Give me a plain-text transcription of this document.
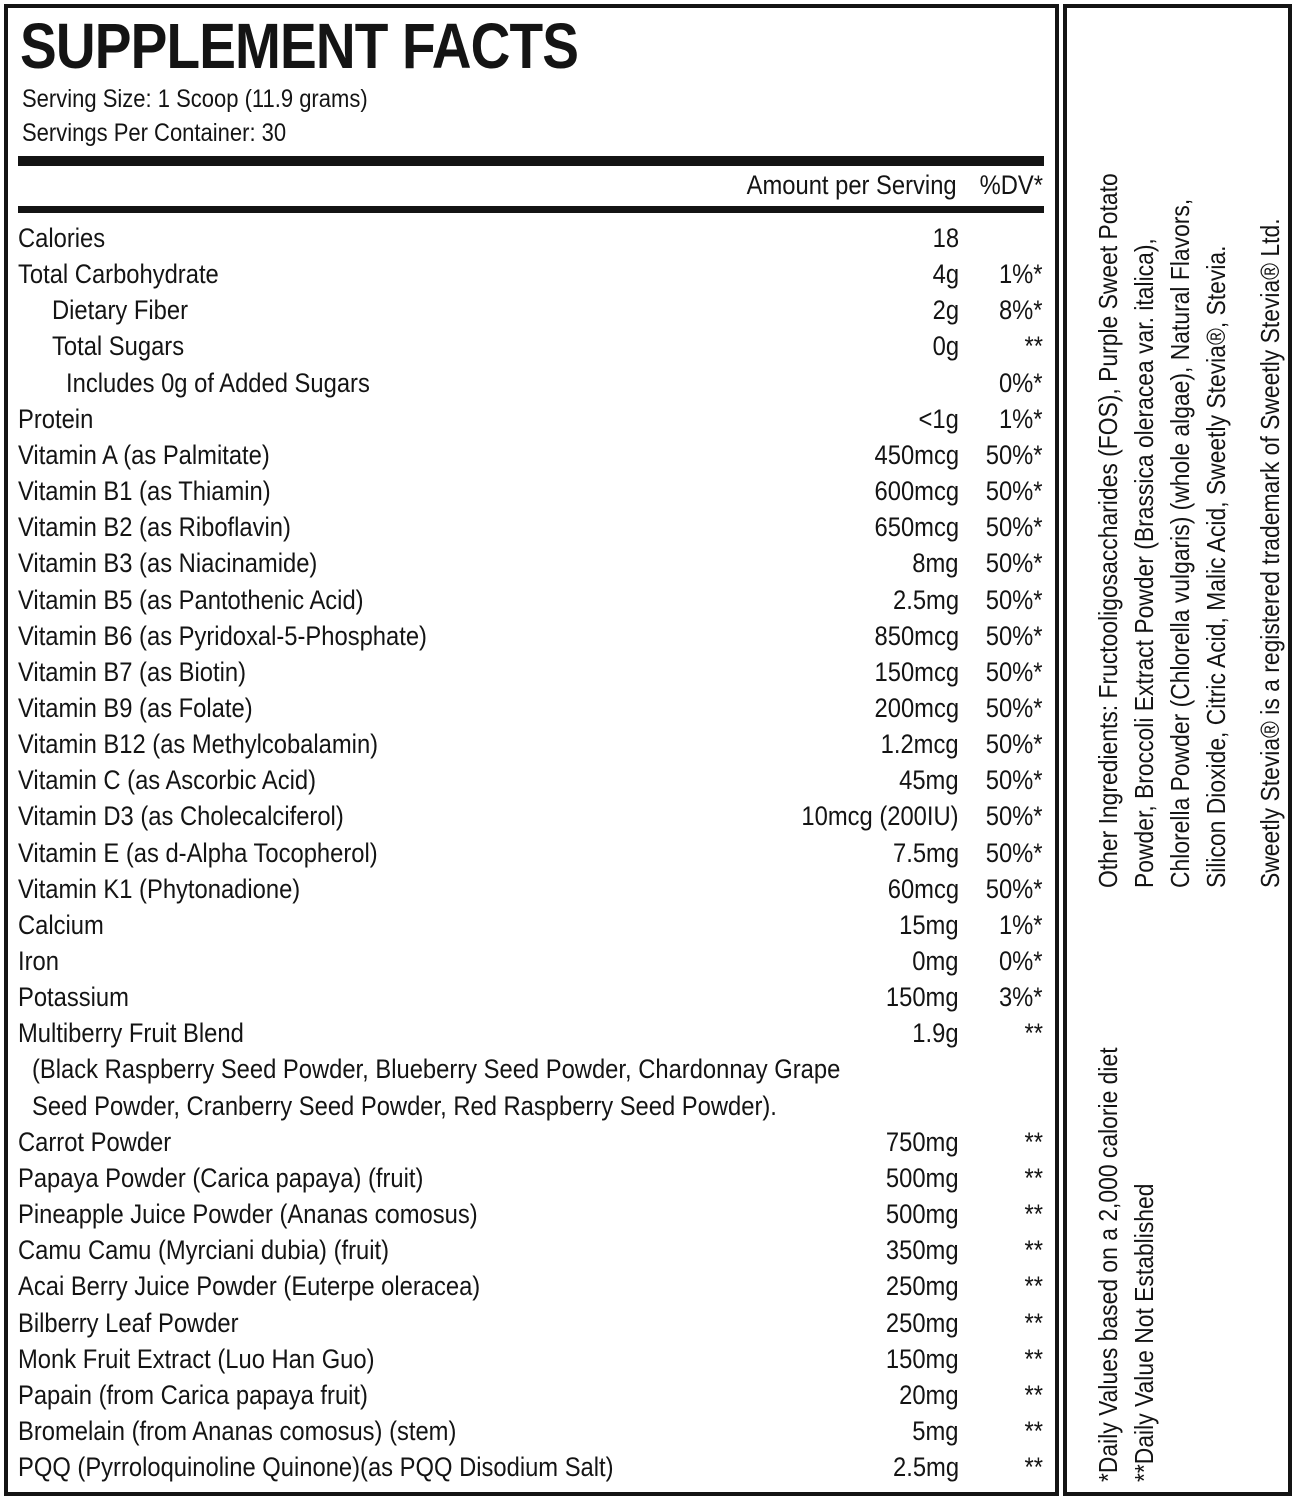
SUPPLEMENT FACTS
Serving Size: 1 Scoop (11.9 grams)
Servings Per Container: 30
Amount per Serving %DV*
Calories	18
Total Carbohydrate	4g 1%*
Dietary Fiber	2g 8%*
Total Sugars	0g **
Includes 0g of Added Sugars	0%*
Protein	<1g 1%*
Vitamin A (as Palmitate)	450mcg 50%*
Vitamin B1 (as Thiamin)	600mcg 50%*
Vitamin B2 (as Riboflavin)	650mcg 50%*
Vitamin B3 (as Niacinamide)	8mg 50%*
Vitamin B5 (as Pantothenic Acid)	2.5mg 50%*
Vitamin B6 (as Pyridoxal-5-Phosphate)	850mcg 50%*
Vitamin B7 (as Biotin)	150mcg 50%*
Vitamin B9 (as Folate)	200mcg 50%*
Vitamin B12 (as Methylcobalamin)	1.2mcg 50%*
Vitamin C (as Ascorbic Acid)	45mg 50%*
Vitamin D3 (as Cholecalciferol)	10mcg (200IU) 50%*
Vitamin E (as d-Alpha Tocopherol)	7.5mg 50%*
Vitamin K1 (Phytonadione)	60mcg 50%*
Calcium	15mg 1%*
Iron	0mg 0%*
Potassium	150mg 3%*
Multiberry Fruit Blend	1.9g **
(Black Raspberry Seed Powder, Blueberry Seed Powder, Chardonnay Grape
Seed Powder, Cranberry Seed Powder, Red Raspberry Seed Powder).
Carrot Powder	750mg **
Papaya Powder (Carica papaya) (fruit)	500mg **
Pineapple Juice Powder (Ananas comosus)	500mg **
Camu Camu (Myrciani dubia) (fruit)	350mg **
Acai Berry Juice Powder (Euterpe oleracea)	250mg **
Bilberry Leaf Powder	250mg **
Monk Fruit Extract (Luo Han Guo)	150mg **
Papain (from Carica papaya fruit)	20mg **
Bromelain (from Ananas comosus) (stem)	5mg **
PQQ (Pyrroloquinoline Quinone)(as PQQ Disodium Salt)	2.5mg **
Other Ingredients: Fructooligosaccharides (FOS), Purple Sweet Potato Powder, Broccoli Extract Powder (Brassica oleracea var. italica), Chlorella Powder (Chlorella vulgaris) (whole algae), Natural Flavors, Silicon Dioxide, Citric Acid, Malic Acid, Sweetly Stevia®, Stevia. Sweetly Stevia® is a registered trademark of Sweetly Stevia® Ltd.
*Daily Values based on a 2,000 calorie diet **Daily Value Not Established
